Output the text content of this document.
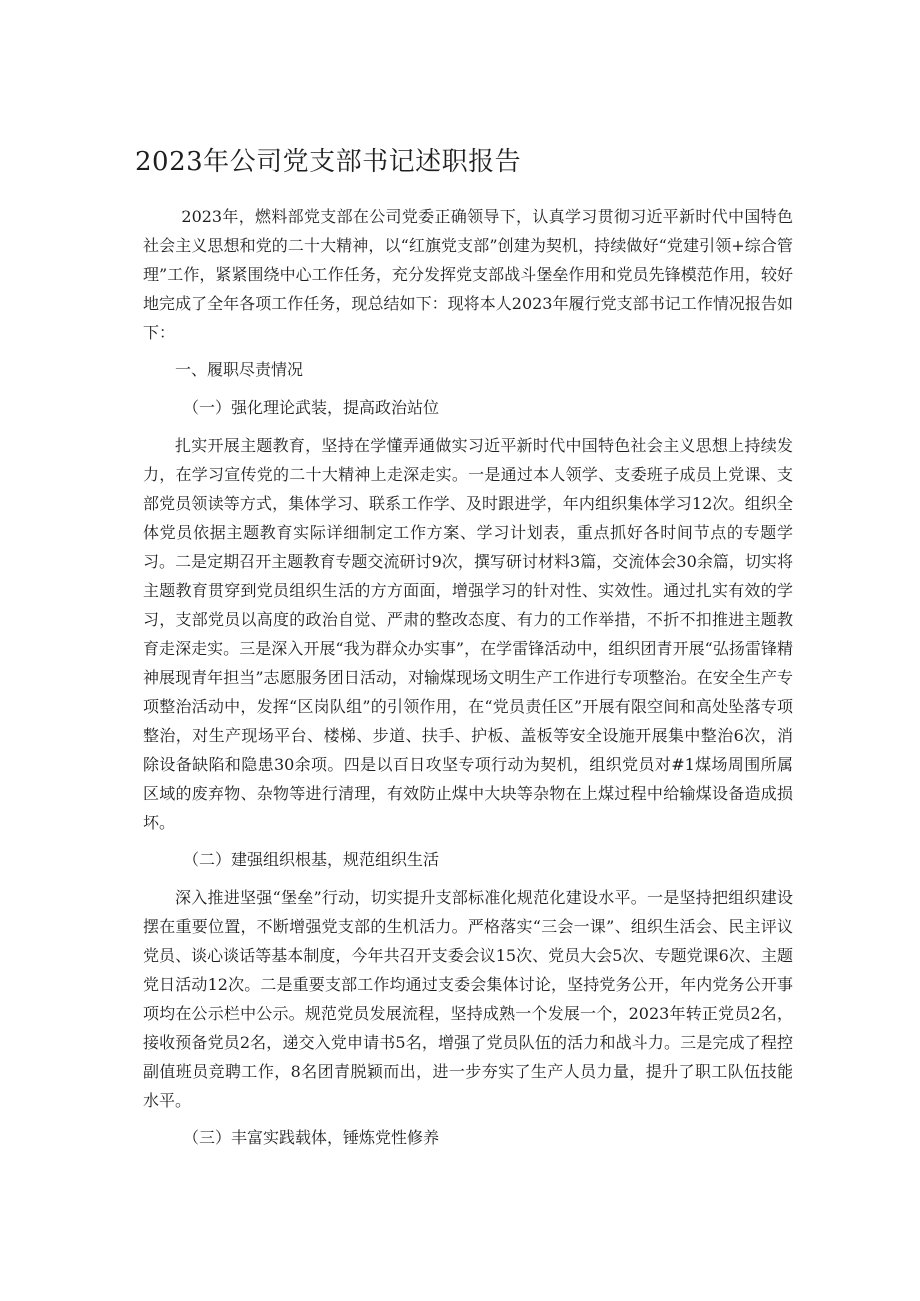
2023年公司党支部书记述职报告

2023年，燃料部党支部在公司党委正确领导下，认真学习贯彻习近平新时代中国特色社会主义思想和党的二十大精神，以“红旗党支部”创建为契机，持续做好“党建引领+综合管理”工作，紧紧围绕中心工作任务，充分发挥党支部战斗堡垒作用和党员先锋模范作用，较好地完成了全年各项工作任务，现总结如下：现将本人2023年履行党支部书记工作情况报告如下：

一、履职尽责情况

（一）强化理论武装，提高政治站位

扎实开展主题教育，坚持在学懂弄通做实习近平新时代中国特色社会主义思想上持续发力，在学习宣传党的二十大精神上走深走实。一是通过本人领学、支委班子成员上党课、支部党员领读等方式，集体学习、联系工作学、及时跟进学，年内组织集体学习12次。组织全体党员依据主题教育实际详细制定工作方案、学习计划表，重点抓好各时间节点的专题学习。二是定期召开主题教育专题交流研讨9次，撰写研讨材料3篇，交流体会30余篇，切实将主题教育贯穿到党员组织生活的方方面面，增强学习的针对性、实效性。通过扎实有效的学习，支部党员以高度的政治自觉、严肃的整改态度、有力的工作举措，不折不扣推进主题教育走深走实。三是深入开展“我为群众办实事”，在学雷锋活动中，组织团青开展“弘扬雷锋精神展现青年担当”志愿服务团日活动，对输煤现场文明生产工作进行专项整治。在安全生产专项整治活动中，发挥“区岗队组”的引领作用，在“党员责任区”开展有限空间和高处坠落专项整治，对生产现场平台、楼梯、步道、扶手、护板、盖板等安全设施开展集中整治6次，消除设备缺陷和隐患30余项。四是以百日攻坚专项行动为契机，组织党员对#1煤场周围所属区域的废弃物、杂物等进行清理，有效防止煤中大块等杂物在上煤过程中给输煤设备造成损坏。

（二）建强组织根基，规范组织生活

深入推进坚强“堡垒”行动，切实提升支部标准化规范化建设水平。一是坚持把组织建设摆在重要位置，不断增强党支部的生机活力。严格落实“三会一课”、组织生活会、民主评议党员、谈心谈话等基本制度，今年共召开支委会议15次、党员大会5次、专题党课6次、主题党日活动12次。二是重要支部工作均通过支委会集体讨论，坚持党务公开，年内党务公开事项均在公示栏中公示。规范党员发展流程，坚持成熟一个发展一个，2023年转正党员2名，接收预备党员2名，递交入党申请书5名，增强了党员队伍的活力和战斗力。三是完成了程控副值班员竞聘工作，8名团青脱颖而出，进一步夯实了生产人员力量，提升了职工队伍技能水平。

（三）丰富实践载体，锤炼党性修养
